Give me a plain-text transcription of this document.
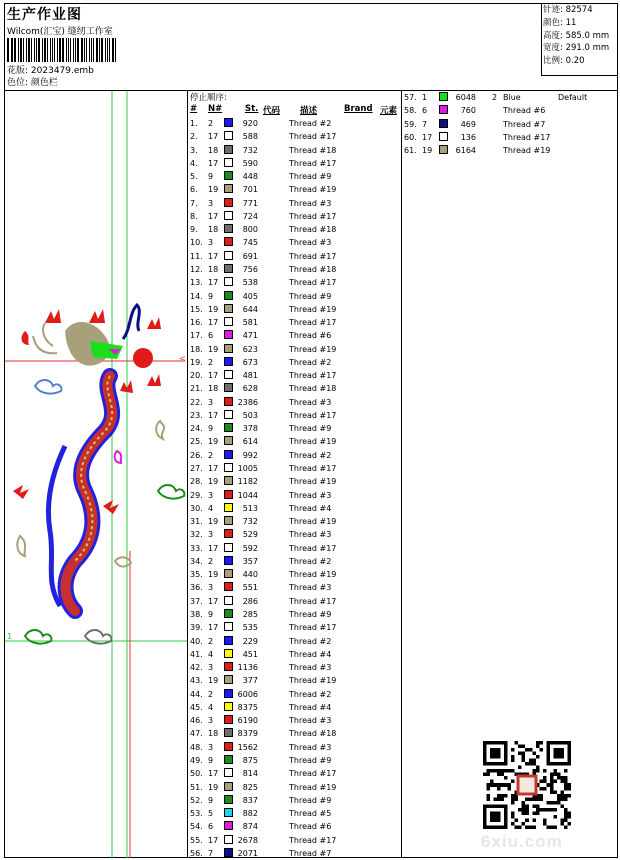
生产作业图
Wilcom(汇宝) 缝纫工作室
花版: 2023479.emb
色位: 颜色栏
针迹: 82574
颜色: 11
高度: 585.0 mm
宽度: 291.0 mm
比例: 0.20
1
<
停止顺序:
# N#	St. 代码 描述	Brand 元素
1. 2	920	Thread #2
2. 17	588	Thread #17
3. 18	732	Thread #18
4. 17	590	Thread #17
5. 9	448	Thread #9
6. 19	701	Thread #19
7. 3	771	Thread #3
8. 17	724	Thread #17
9. 18	800	Thread #18
10. 3	745	Thread #3
11. 17	691	Thread #17
12. 18	756	Thread #18
13. 17	538	Thread #17
14. 9	405	Thread #9
15. 19	644	Thread #19
16. 17	581	Thread #17
17. 6	471	Thread #6
18. 19	623	Thread #19
19. 2	673	Thread #2
20. 17	481	Thread #17
21. 18	628	Thread #18
22. 3	2386	Thread #3
23. 17	503	Thread #17
24. 9	378	Thread #9
25. 19	614	Thread #19
26. 2	992	Thread #2
27. 17	1005	Thread #17
28. 19	1182	Thread #19
29. 3	1044	Thread #3
30. 4	513	Thread #4
31. 19	732	Thread #19
32. 3	529	Thread #3
33. 17	592	Thread #17
34. 2	357	Thread #2
35. 19	440	Thread #19
36. 3	551	Thread #3
37. 17	286	Thread #17
38. 9	285	Thread #9
39. 17	535	Thread #17
40. 2	229	Thread #2
41. 4	451	Thread #4
42. 3	1136	Thread #3
43. 19	377	Thread #19
44. 2	6006	Thread #2
45. 4	8375	Thread #4
46. 3	6190	Thread #3
47. 18	8379	Thread #18
48. 3	1562	Thread #3
49. 9	875	Thread #9
50. 17	814	Thread #17
51. 19	825	Thread #19
52. 9	837	Thread #9
53. 5	882	Thread #5
54. 6	874	Thread #6
55. 17	2678	Thread #17
56. 7	2071	Thread #7
57. 1	6048 2 Blue	Default
58. 6	760	Thread #6
59. 7	469	Thread #7
60. 17	136	Thread #17
61. 19	6164	Thread #19
6xiu.com
